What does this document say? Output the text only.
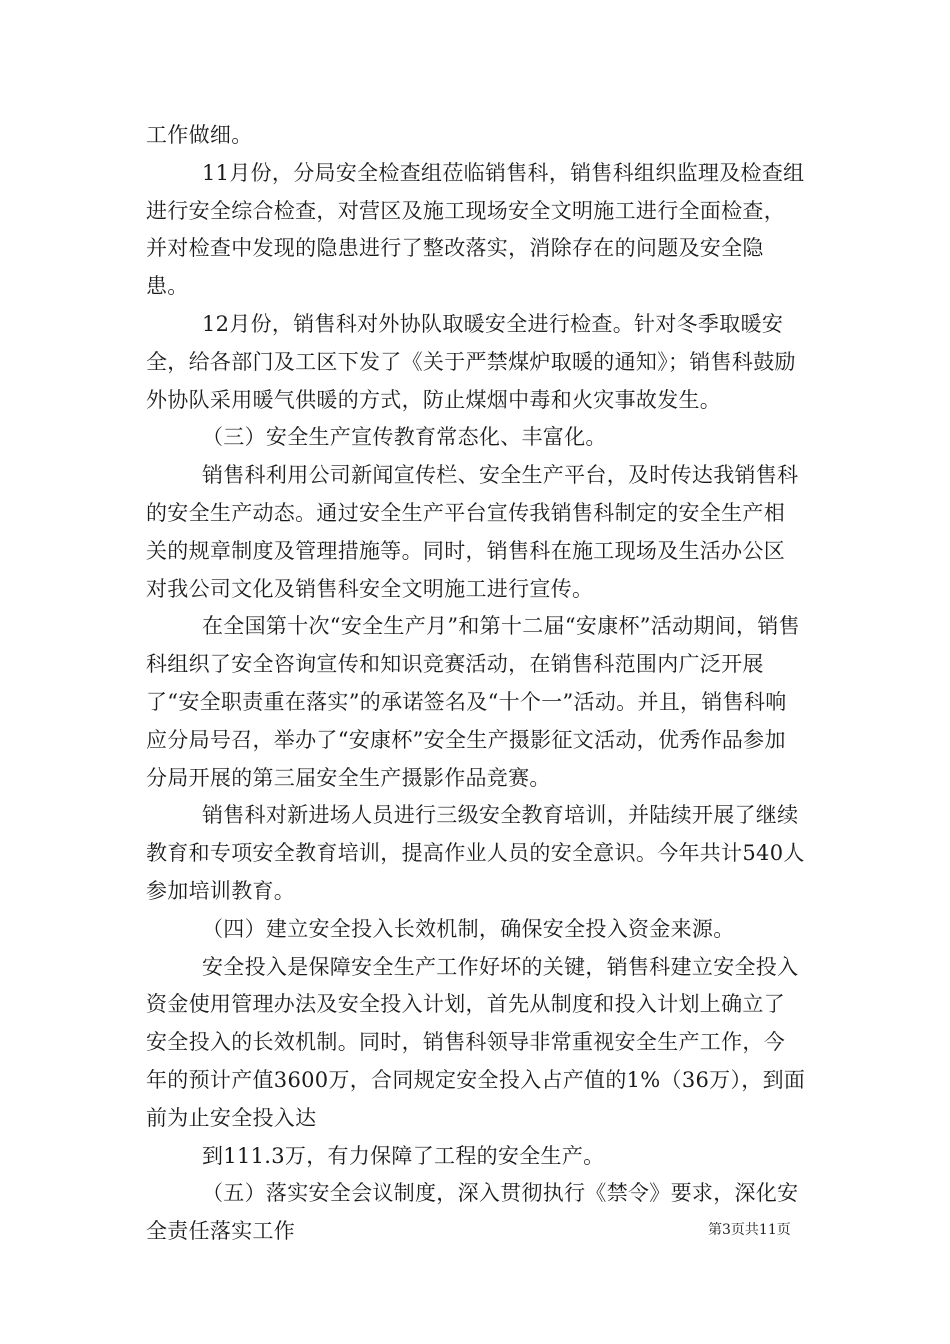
工作做细。

11月份，分局安全检查组莅临销售科，销售科组织监理及检查组进行安全综合检查，对营区及施工现场安全文明施工进行全面检查，并对检查中发现的隐患进行了整改落实，消除存在的问题及安全隐患。

12月份，销售科对外协队取暖安全进行检查。针对冬季取暖安全，给各部门及工区下发了《关于严禁煤炉取暖的通知》；销售科鼓励外协队采用暖气供暖的方式，防止煤烟中毒和火灾事故发生。

（三）安全生产宣传教育常态化、丰富化。

销售科利用公司新闻宣传栏、安全生产平台，及时传达我销售科的安全生产动态。通过安全生产平台宣传我销售科制定的安全生产相关的规章制度及管理措施等。同时，销售科在施工现场及生活办公区对我公司文化及销售科安全文明施工进行宣传。

在全国第十次“安全生产月”和第十二届“安康杯”活动期间，销售科组织了安全咨询宣传和知识竞赛活动，在销售科范围内广泛开展了“安全职责重在落实”的承诺签名及“十个一”活动。并且，销售科响应分局号召，举办了“安康杯”安全生产摄影征文活动，优秀作品参加分局开展的第三届安全生产摄影作品竞赛。

销售科对新进场人员进行三级安全教育培训，并陆续开展了继续教育和专项安全教育培训，提高作业人员的安全意识。今年共计540人参加培训教育。

（四）建立安全投入长效机制，确保安全投入资金来源。

安全投入是保障安全生产工作好坏的关键，销售科建立安全投入资金使用管理办法及安全投入计划，首先从制度和投入计划上确立了安全投入的长效机制。同时，销售科领导非常重视安全生产工作，今年的预计产值3600万，合同规定安全投入占产值的1%（36万），到面前为止安全投入达

到111.3万，有力保障了工程的安全生产。

（五）落实安全会议制度，深入贯彻执行《禁令》要求，深化安全责任落实工作	第3页共11页
